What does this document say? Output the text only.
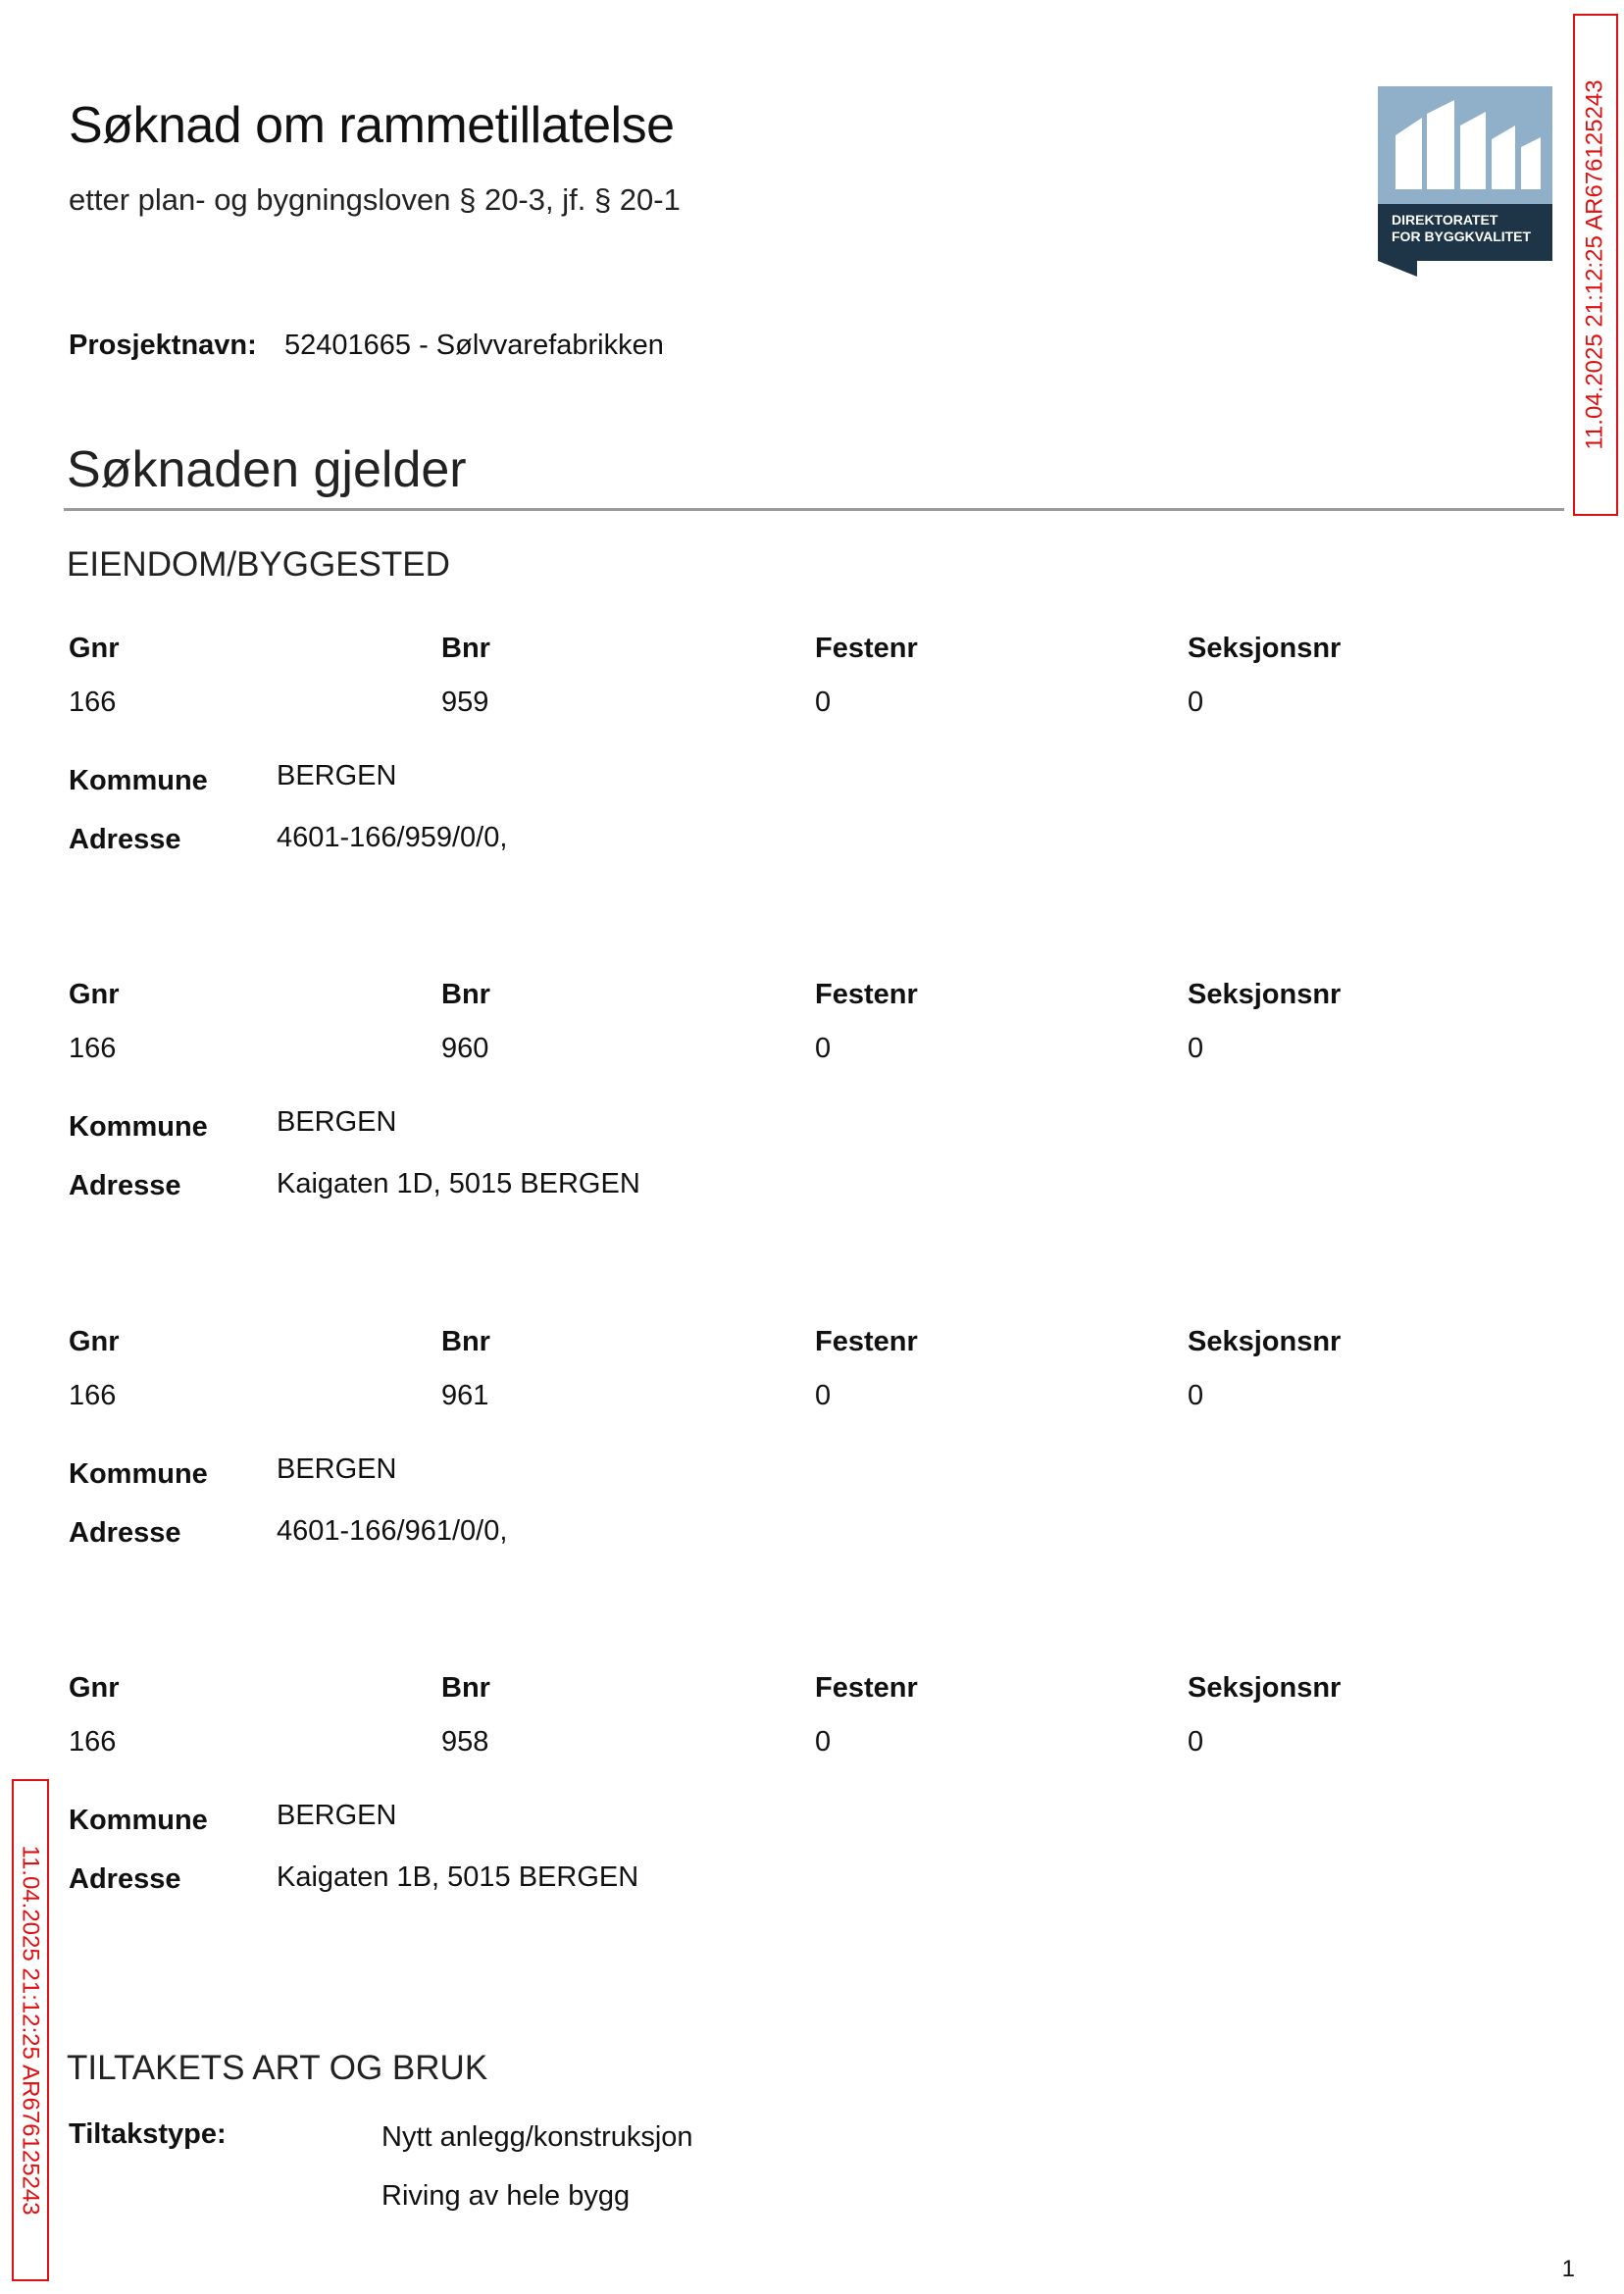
Søknad om rammetillatelse
etter plan- og bygningsloven § 20-3, jf. § 20-1
DIREKTORATET
FOR BYGGKVALITET 11.04.2025 21:12:25 AR676125243
Prosjektnavn: 52401665 - Sølvvarefabrikken
Søknaden gjelder
EIENDOM/BYGGESTED
Gnr	Bnr	Festenr	Seksjonsnr
166	959	0	0
Kommune BERGEN
Adresse	4601-166/959/0/0,
Gnr	Bnr	Festenr	Seksjonsnr
166	960	0	0
Kommune BERGEN
Adresse	Kaigaten 1D, 5015 BERGEN
Gnr	Bnr	Festenr	Seksjonsnr
166	961	0	0
Kommune BERGEN
Adresse	4601-166/961/0/0,
Gnr	Bnr	Festenr	Seksjonsnr
166	958	0	0
Kommune BERGEN
Adresse	Kaigaten 1B, 5015 BERGEN
11.04.2025 21:12:25 AR676125243 TILTAKETS ART OG BRUK
Tiltakstype:	Nytt anlegg/konstruksjon
Riving av hele bygg
1
